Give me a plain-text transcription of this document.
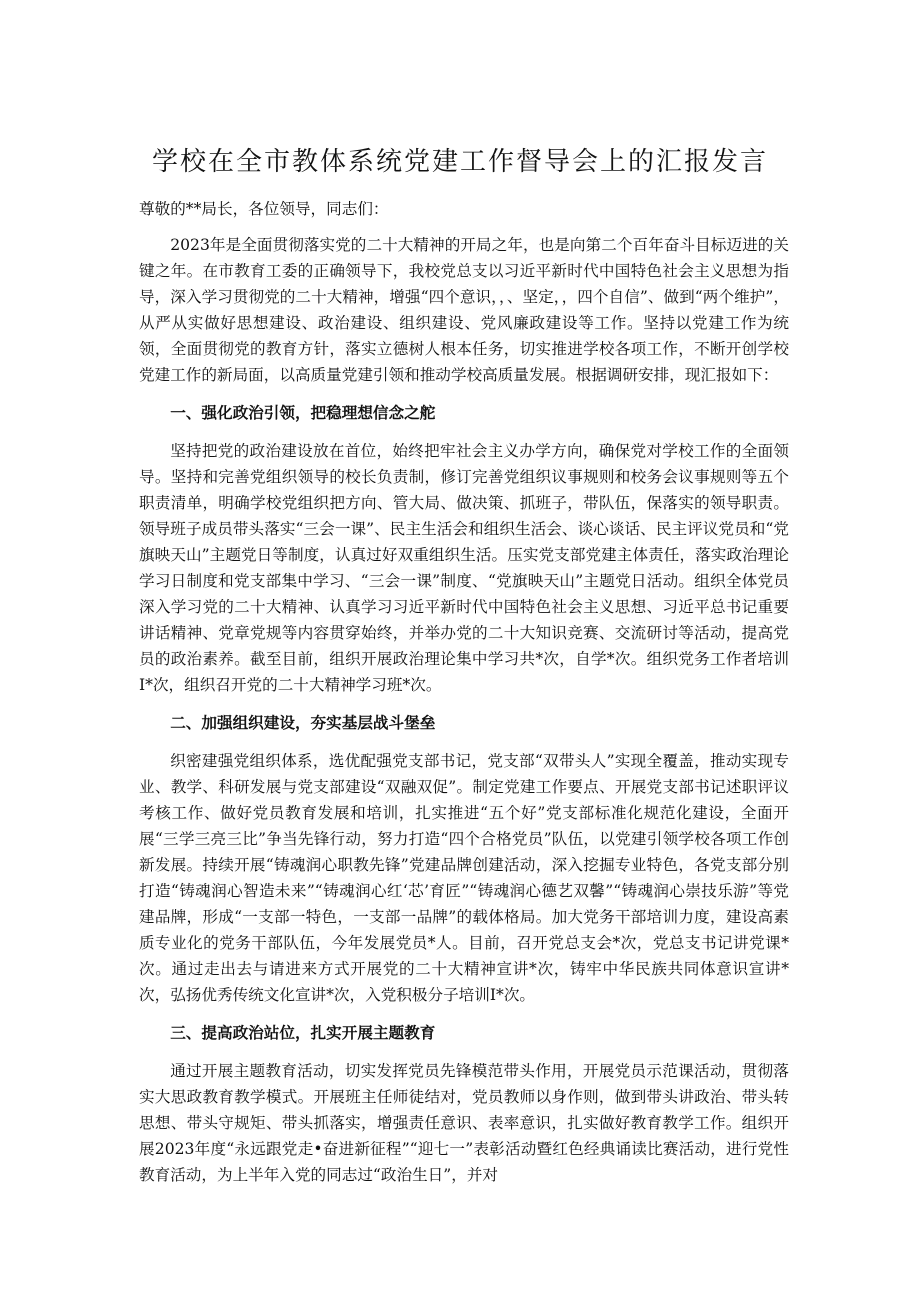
学校在全市教体系统党建工作督导会上的汇报发言

尊敬的**局长，各位领导，同志们：

2023年是全面贯彻落实党的二十大精神的开局之年，也是向第二个百年奋斗目标迈进的关键之年。在市教育工委的正确领导下，我校党总支以习近平新时代中国特色社会主义思想为指导，深入学习贯彻党的二十大精神，增强“四个意识，，、坚定，，四个自信”、做到“两个维护”，从严从实做好思想建设、政治建设、组织建设、党风廉政建设等工作。坚持以党建工作为统领，全面贯彻党的教育方针，落实立德树人根本任务，切实推进学校各项工作，不断开创学校党建工作的新局面，以高质量党建引领和推动学校高质量发展。根据调研安排，现汇报如下：

一、强化政治引领，把稳理想信念之舵

坚持把党的政治建设放在首位，始终把牢社会主义办学方向，确保党对学校工作的全面领导。坚持和完善党组织领导的校长负责制，修订完善党组织议事规则和校务会议事规则等五个职责清单，明确学校党组织把方向、管大局、做决策、抓班子，带队伍，保落实的领导职责。领导班子成员带头落实“三会一课”、民主生活会和组织生活会、谈心谈话、民主评议党员和“党旗映天山”主题党日等制度，认真过好双重组织生活。压实党支部党建主体责任，落实政治理论学习日制度和党支部集中学习、“三会一课”制度、“党旗映天山”主题党日活动。组织全体党员深入学习党的二十大精神、认真学习习近平新时代中国特色社会主义思想、习近平总书记重要讲话精神、党章党规等内容贯穿始终，并举办党的二十大知识竞赛、交流研讨等活动，提高党员的政治素养。截至目前，组织开展政治理论集中学习共*次，自学*次。组织党务工作者培训I*次，组织召开党的二十大精神学习班*次。

二、加强组织建设，夯实基层战斗堡垒

织密建强党组织体系，选优配强党支部书记，党支部“双带头人”实现全覆盖，推动实现专业、教学、科研发展与党支部建设“双融双促”。制定党建工作要点、开展党支部书记述职评议考核工作、做好党员教育发展和培训，扎实推进“五个好”党支部标准化规范化建设，全面开展“三学三亮三比”争当先锋行动，努力打造“四个合格党员”队伍，以党建引领学校各项工作创新发展。持续开展“铸魂润心职教先锋”党建品牌创建活动，深入挖掘专业特色，各党支部分别打造“铸魂润心智造未来”“铸魂润心红‘芯’育匠”“铸魂润心德艺双馨”“铸魂润心崇技乐游”等党建品牌，形成“一支部一特色，一支部一品牌”的载体格局。加大党务干部培训力度，建设高素质专业化的党务干部队伍，今年发展党员*人。目前，召开党总支会*次，党总支书记讲党课*次。通过走出去与请进来方式开展党的二十大精神宣讲*次，铸牢中华民族共同体意识宣讲*次，弘扬优秀传统文化宣讲*次，入党积极分子培训I*次。

三、提高政治站位，扎实开展主题教育

通过开展主题教育活动，切实发挥党员先锋模范带头作用，开展党员示范课活动，贯彻落实大思政教育教学模式。开展班主任师徒结对，党员教师以身作则，做到带头讲政治、带头转思想、带头守规矩、带头抓落实，增强责任意识、表率意识，扎实做好教育教学工作。组织开展2023年度“永远跟党走•奋进新征程”“迎七一”表彰活动暨红色经典诵读比赛活动，进行党性教育活动，为上半年入党的同志过“政治生日”，并对
